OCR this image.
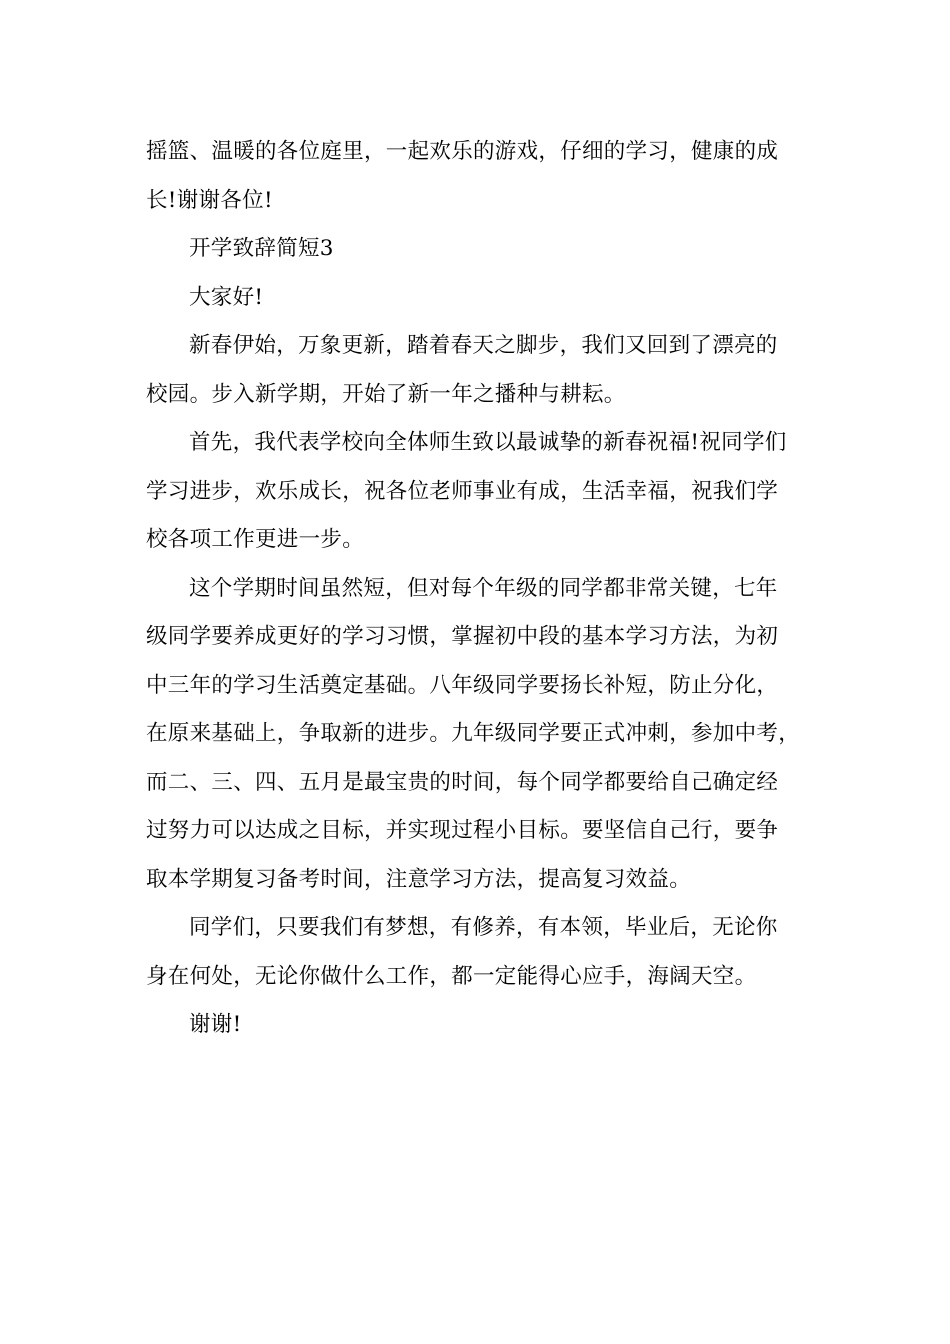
摇篮、温暖的各位庭里，一起欢乐的游戏，仔细的学习，健康的成
长!谢谢各位!

开学致辞简短3

大家好!

新春伊始，万象更新，踏着春天之脚步，我们又回到了漂亮的
校园。步入新学期，开始了新一年之播种与耕耘。

首先，我代表学校向全体师生致以最诚挚的新春祝福!祝同学们
学习进步，欢乐成长，祝各位老师事业有成，生活幸福，祝我们学
校各项工作更进一步。

这个学期时间虽然短，但对每个年级的同学都非常关键，七年
级同学要养成更好的学习习惯，掌握初中段的基本学习方法，为初
中三年的学习生活奠定基础。八年级同学要扬长补短，防止分化，
在原来基础上，争取新的进步。九年级同学要正式冲刺，参加中考，
而二、三、四、五月是最宝贵的时间，每个同学都要给自己确定经
过努力可以达成之目标，并实现过程小目标。要坚信自己行，要争
取本学期复习备考时间，注意学习方法，提高复习效益。

同学们，只要我们有梦想，有修养，有本领，毕业后，无论你
身在何处，无论你做什么工作，都一定能得心应手，海阔天空。

谢谢!
